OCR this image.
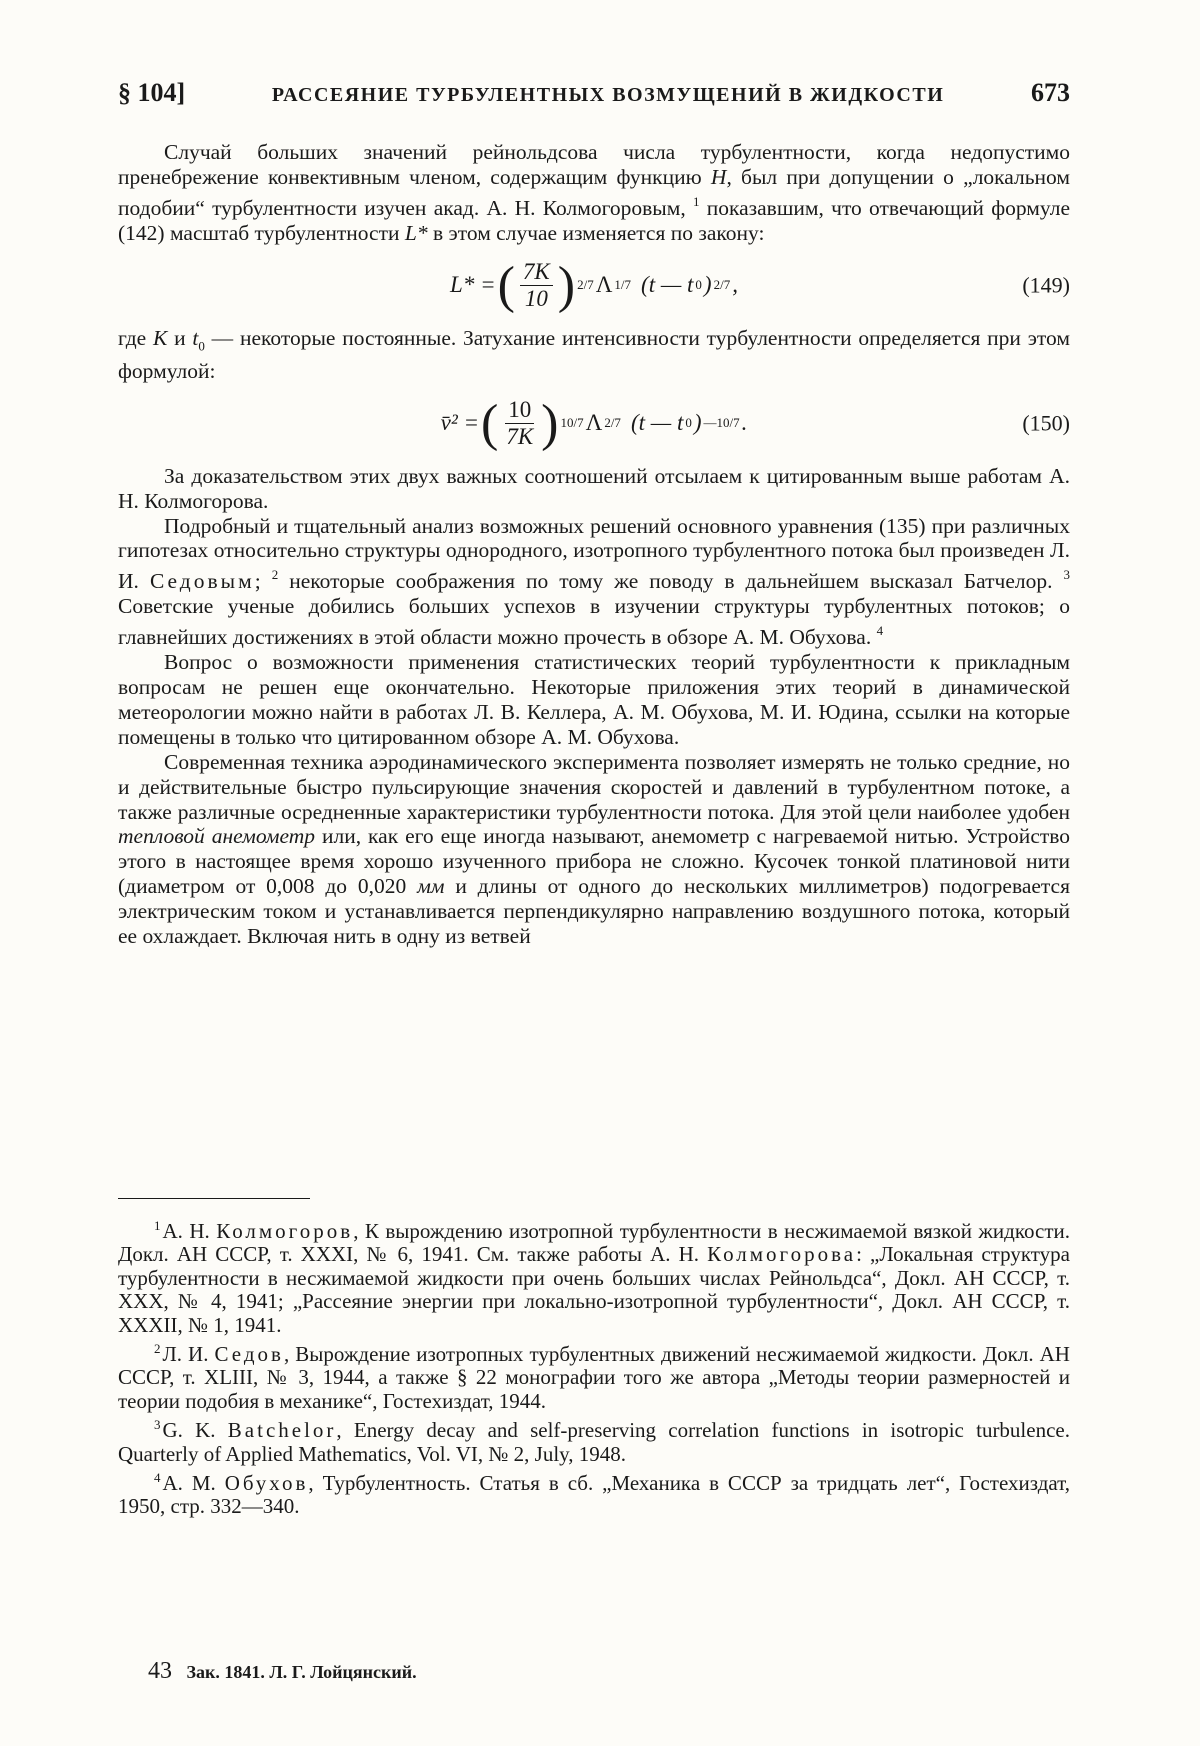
§ 104]	РАССЕЯНИЕ ТУРБУЛЕНТНЫХ ВОЗМУЩЕНИЙ В ЖИДКОСТИ	673

Случай больших значений рейнольдсова числа турбулентности, когда недопустимо пренебрежение конвективным членом, содержащим функцию H, был при допущении о „локальном подобии“ турбулентности изучен акад. А. Н. Колмогоровым, $^1$ показавшим, что отвечающий формуле (142) масштаб турбулентности L* в этом случае изменяется по закону:

L* = ( $\frac{7K}{10}$ ) 2/7 Λ 1/7 (t — t 0 ) 2/7 ,	(149)

где K и $t_0$ — некоторые постоянные. Затухание интенсивности турбулентности определяется при этом формулой:

v̄² = ( $\frac{10}{7K}$ ) 10/7 Λ 2/7 (t — t 0 ) —10/7 .	(150)

За доказательством этих двух важных соотношений отсылаем к цитированным выше работам А. Н. Колмогорова.

Подробный и тщательный анализ возможных решений основного уравнения (135) при различных гипотезах относительно структуры однородного, изотропного турбулентного потока был произведен Л. И. Седовым; $^2$ некоторые соображения по тому же поводу в дальнейшем высказал Батчелор. $^3$ Советские ученые добились больших успехов в изучении структуры турбулентных потоков; о главнейших достижениях в этой области можно прочесть в обзоре А. М. Обухова. $^4$

Вопрос о возможности применения статистических теорий турбулентности к прикладным вопросам не решен еще окончательно. Некоторые приложения этих теорий в динамической метеорологии можно найти в работах Л. В. Келлера, А. М. Обухова, М. И. Юдина, ссылки на которые помещены в только что цитированном обзоре А. М. Обухова.

Современная техника аэродинамического эксперимента позволяет измерять не только средние, но и действительные быстро пульсирующие значения скоростей и давлений в турбулентном потоке, а также различные осредненные характеристики турбулентности потока. Для этой цели наиболее удобен тепловой анемометр или, как его еще иногда называют, анемометр с нагреваемой нитью. Устройство этого в настоящее время хорошо изученного прибора не сложно. Кусочек тонкой платиновой нити (диаметром от 0,008 до 0,020 мм и длины от одного до нескольких миллиметров) подогревается электрическим током и устанавливается перпендикулярно направлению воздушного потока, который ее охлаждает. Включая нить в одну из ветвей

$^1$А. Н. Колмогоров, К вырождению изотропной турбулентности в несжимаемой вязкой жидкости. Докл. АН СССР, т. XXXI, № 6, 1941. См. также работы А. Н. Колмогорова: „Локальная структура турбулентности в несжимаемой жидкости при очень больших числах Рейнольдса“, Докл. АН СССР, т. XXX, № 4, 1941; „Рассеяние энергии при локально-изотропной турбулентности“, Докл. АН СССР, т. XXXII, № 1, 1941.

$^2$Л. И. Седов, Вырождение изотропных турбулентных движений несжимаемой жидкости. Докл. АН СССР, т. XLIII, № 3, 1944, а также § 22 монографии того же автора „Методы теории размерностей и теории подобия в механике“, Гостехиздат, 1944.

$^3$G. K. Batchelor, Energy decay and self-preserving correlation functions in isotropic turbulence. Quarterly of Applied Mathematics, Vol. VI, № 2, July, 1948.

$^4$А. М. Обухов, Турбулентность. Статья в сб. „Механика в СССР за тридцать лет“, Гостехиздат, 1950, стр. 332—340.

43 Зак. 1841. Л. Г. Лойцянский.
